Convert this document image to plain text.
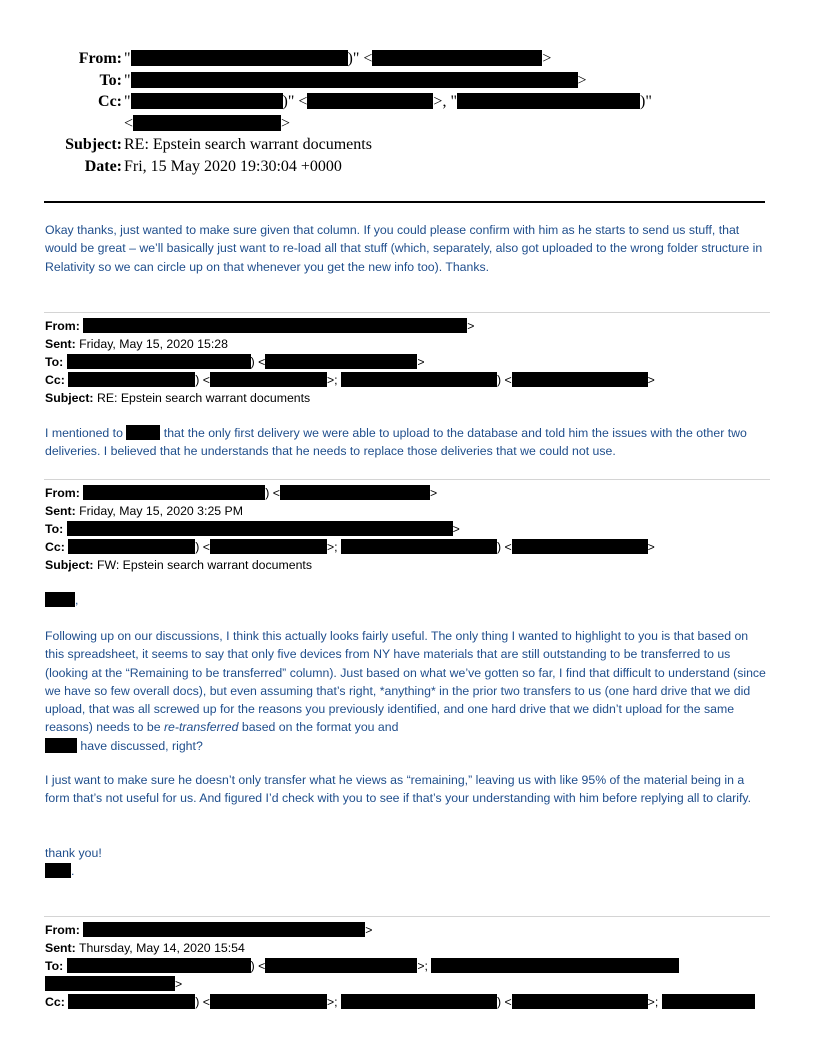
From: "	)" <	>
To: "	>
Cc: "	)" <	>, "	)"
<	>
Subject: RE: Epstein search warrant documents
Date: Fri, 15 May 2020 19:30:04 +0000

Okay thanks, just wanted to make sure given that column. If you could please confirm with him as he starts to send us stuff, that would be great – we’ll basically just want to re-load all that stuff (which, separately, also got uploaded to the wrong folder structure in Relativity so we can circle up on that whenever you get the new info too). Thanks.

From:	>
Sent: Friday, May 15, 2020 15:28
To:	) <	>
Cc:	) <	>;	) <	>
Subject: RE: Epstein search warrant documents

I mentioned to	that the only first delivery we were able to upload to the database and told him the issues with the other two deliveries. I believed that he understands that he needs to replace those deliveries that we could not use.

From:	) <	>
Sent: Friday, May 15, 2020 3:25 PM
To:	>
Cc:	) <	>;	) <	>
Subject: FW: Epstein search warrant documents

,

Following up on our discussions, I think this actually looks fairly useful. The only thing I wanted to highlight to you is that based on this spreadsheet, it seems to say that only five devices from NY have materials that are still outstanding to be transferred to us (looking at the “Remaining to be transferred” column). Just based on what we’ve gotten so far, I find that difficult to understand (since we have so few overall docs), but even assuming that’s right, *anything* in the prior two transfers to us (one hard drive that we did upload, that was all screwed up for the reasons you previously identified, and one hard drive that we didn’t upload for the same reasons) needs to be re-transferred based on the format you and
have discussed, right?

I just want to make sure he doesn’t only transfer what he views as “remaining,” leaving us with like 95% of the material being in a form that’s not useful for us. And figured I’d check with you to see if that’s your understanding with him before replying all to clarify.

thank you!

.

From:	>
Sent: Thursday, May 14, 2020 15:54
To:	) <	>;
>
Cc:	) <	>;	) <	>;
